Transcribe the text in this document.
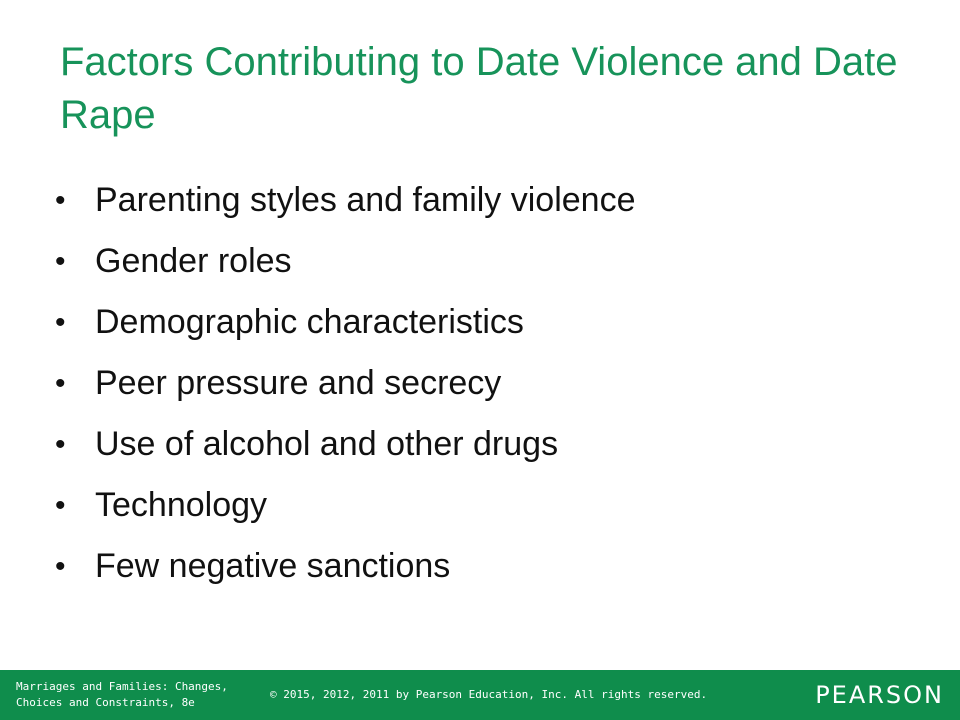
Factors Contributing to Date Violence and Date Rape
• Parenting styles and family violence
• Gender roles
• Demographic characteristics
• Peer pressure and secrecy
• Use of alcohol and other drugs
• Technology
• Few negative sanctions
Marriages and Families: Changes,
Choices and Constraints, 8e
© 2015, 2012, 2011 by Pearson Education, Inc. All rights reserved.	PEARSON
